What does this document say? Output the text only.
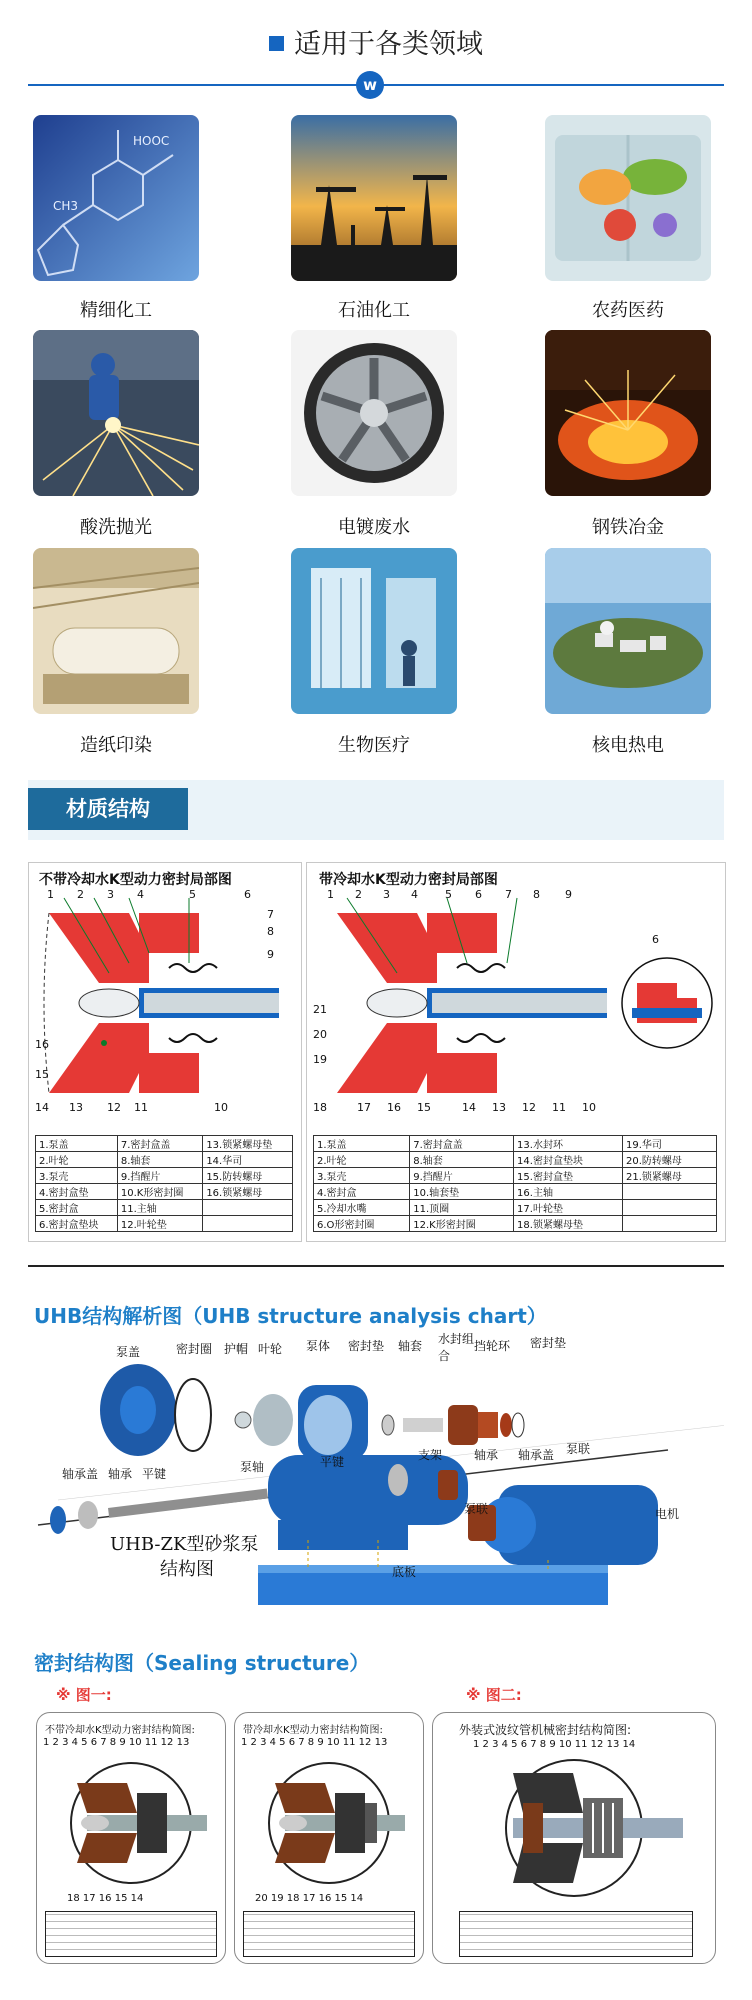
适用于各类领域
w
HOOC
CH3
精细化工	石油化工	农药医药
酸洗抛光	电镀废水	钢铁冶金
造纸印染	生物医疗	核电热电
材质结构
不带冷却水K型动力密封局部图
1 2 3 4	5	6
7
8
9
16
15
14 13 12 11	10
1.泵盖	7.密封盒盖	13.锁紧螺母垫
2.叶轮	8.轴套	14.华司
3.泵壳	9.挡醒片	15.防转螺母
4.密封盒垫	10.K形密封圈	16.锁紧螺母
5.密封盒	11.主轴	
6.密封盒垫块	12.叶轮垫	
带冷却水K型动力密封局部图
1 2 3 4 5 6 7 8 9
6
21
20
19
18	17 16 15	14 13 12 11 10
1.泵盖	7.密封盒盖	13.水封环	19.华司
2.叶轮	8.轴套	14.密封盒垫块	20.防转螺母
3.泵壳	9.挡醒片	15.密封盒垫	21.锁紧螺母
4.密封盒	10.轴套垫	16.主轴	
5.冷却水嘴	11.顶圈	17.叶轮垫	
6.O形密封圈	12.K形密封圈	18.锁紧螺母垫	
UHB结构解析图（UHB structure analysis chart）
泵盖	密封圈 护帽 叶轮 泵体 密封垫 轴套 水封组合
挡轮环 密封垫
轴承盖 轴承 平键	泵轴	平键	支架	轴承 轴承盖 泵联
电机
泵联
底板
UHB-ZK型砂浆泵
结构图
密封结构图（Sealing structure）
※ 图一:	※ 图二:
不带冷却水K型动力密封结构简图:
1 2 3 4 5 6 7 8 9 10 11 12 13
18 17 16 15 14
带冷却水K型动力密封结构简图:
1 2 3 4 5 6 7 8 9 10 11 12 13
20 19 18 17 16 15 14
外装式波纹管机械密封结构简图:
1 2 3 4 5 6 7 8 9 10 11 12 13 14
